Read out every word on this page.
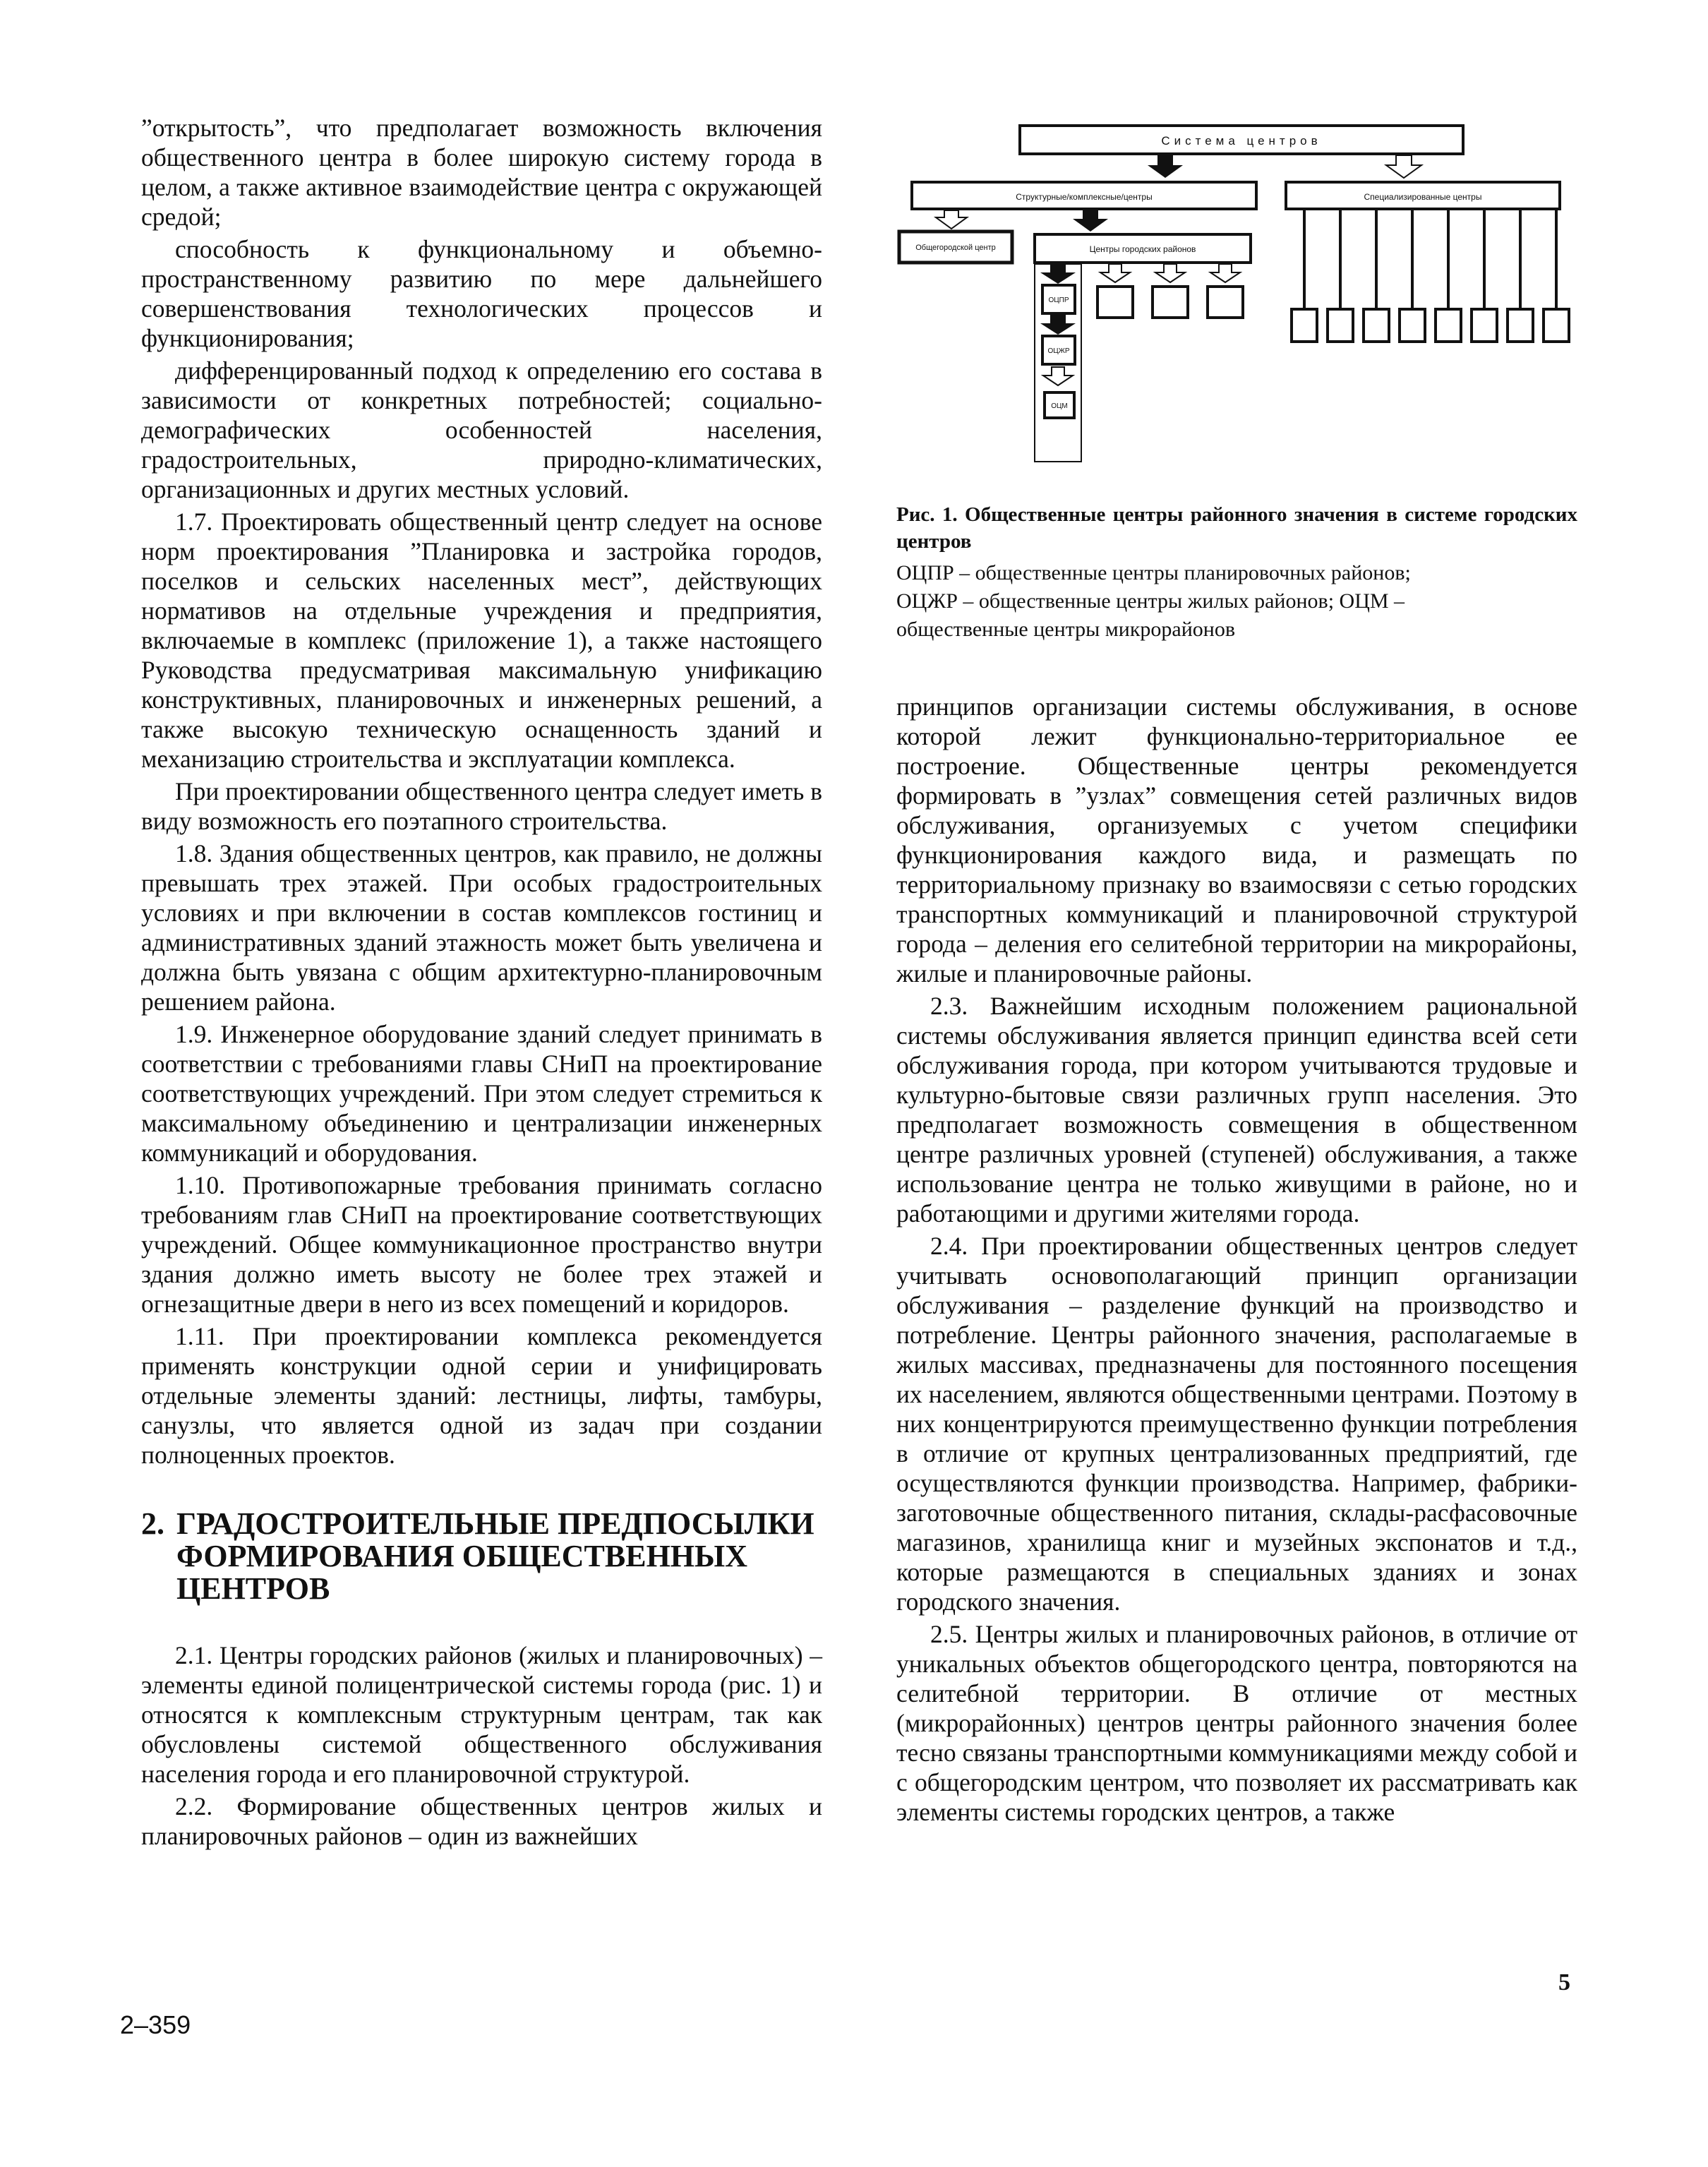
”открытость”, что предполагает возможность включения общественного центра в более широкую систему города в целом, а также активное взаимодействие центра с окружающей средой;

способность к функциональному и объемно-пространственному развитию по мере дальнейшего совершенствования технологических процессов и функционирования;

дифференцированный подход к определению его состава в зависимости от конкретных потребностей; социально-демографических особенностей населения, градостроительных, природно-климатических, организационных и других местных условий.

1.7. Проектировать общественный центр следует на основе норм проектирования ”Планировка и застройка городов, поселков и сельских населенных мест”, действующих нормативов на отдельные учреждения и предприятия, включаемые в комплекс (приложение 1), а также настоящего Руководства предусматривая максимальную унификацию конструктивных, планировочных и инженерных решений, а также высокую техническую оснащенность зданий и механизацию строительства и эксплуатации комплекса.

При проектировании общественного центра следует иметь в виду возможность его поэтапного строительства.

1.8. Здания общественных центров, как правило, не должны превышать трех этажей. При особых градостроительных условиях и при включении в состав комплексов гостиниц и административных зданий этажность может быть увеличена и должна быть увязана с общим архитектурно-планировочным решением района.

1.9. Инженерное оборудование зданий следует принимать в соответствии с требованиями главы СНиП на проектирование соответствующих учреждений. При этом следует стремиться к максимальному объединению и централизации инженерных коммуникаций и оборудования.

1.10. Противопожарные требования принимать согласно требованиям глав СНиП на проектирование соответствующих учреждений. Общее коммуникационное пространство внутри здания должно иметь высоту не более трех этажей и огнезащитные двери в него из всех помещений и коридоров.

1.11. При проектировании комплекса рекомендуется применять конструкции одной серии и унифицировать отдельные элементы зданий: лестницы, лифты, тамбуры, санузлы, что является одной из задач при создании полноценных проектов.

2. ГРАДОСТРОИТЕЛЬНЫЕ ПРЕДПОСЫЛКИ
ФОРМИРОВАНИЯ ОБЩЕСТВЕННЫХ
ЦЕНТРОВ

2.1. Центры городских районов (жилых и планировочных) – элементы единой полицентрической системы города (рис. 1) и относятся к комплексным структурным центрам, так как обусловлены системой общественного обслуживания населения города и его планировочной структурой.

2.2. Формирование общественных центров жилых и планировочных районов – один из важнейших

Система центров
Структурные/комплексные/центры	Специализированные центры
Общегородской центр	Центры городских районов
ОЦПР
ОЦЖР
ОЦМ

Рис. 1. Общественные центры районного значения в системе городских центров

ОЦПР – общественные центры планировочных районов;
ОЦЖР – общественные центры жилых районов; ОЦМ –
общественные центры микрорайонов

принципов организации системы обслуживания, в основе которой лежит функционально-территориальное ее построение. Общественные центры рекомендуется формировать в ”узлах” совмещения сетей различных видов обслуживания, организуемых с учетом специфики функционирования каждого вида, и размещать по территориальному признаку во взаимосвязи с сетью городских транспортных коммуникаций и планировочной структурой города – деления его селитебной территории на микрорайоны, жилые и планировочные районы.

2.3. Важнейшим исходным положением рациональной системы обслуживания является принцип единства всей сети обслуживания города, при котором учитываются трудовые и культурно-бытовые связи различных групп населения. Это предполагает возможность совмещения в общественном центре различных уровней (ступеней) обслуживания, а также использование центра не только живущими в районе, но и работающими и другими жителями города.

2.4. При проектировании общественных центров следует учитывать основополагающий принцип организации обслуживания – разделение функций на производство и потребление. Центры районного значения, располагаемые в жилых массивах, предназначены для постоянного посещения их населением, являются общественными центрами. Поэтому в них концентрируются преимущественно функции потребления в отличие от крупных централизованных предприятий, где осуществляются функции производства. Например, фабрики-заготовочные общественного питания, склады-расфасовочные магазинов, хранилища книг и музейных экспонатов и т.д., которые размещаются в специальных зданиях и зонах городского значения.

2.5. Центры жилых и планировочных районов, в отличие от уникальных объектов общегородского центра, повторяются на селитебной территории. В отличие от местных (микрорайонных) центров центры районного значения более тесно связаны транспортными коммуникациями между собой и с общегородским центром, что позволяет их рассматривать как элементы системы городских центров, а также

5
2–359
